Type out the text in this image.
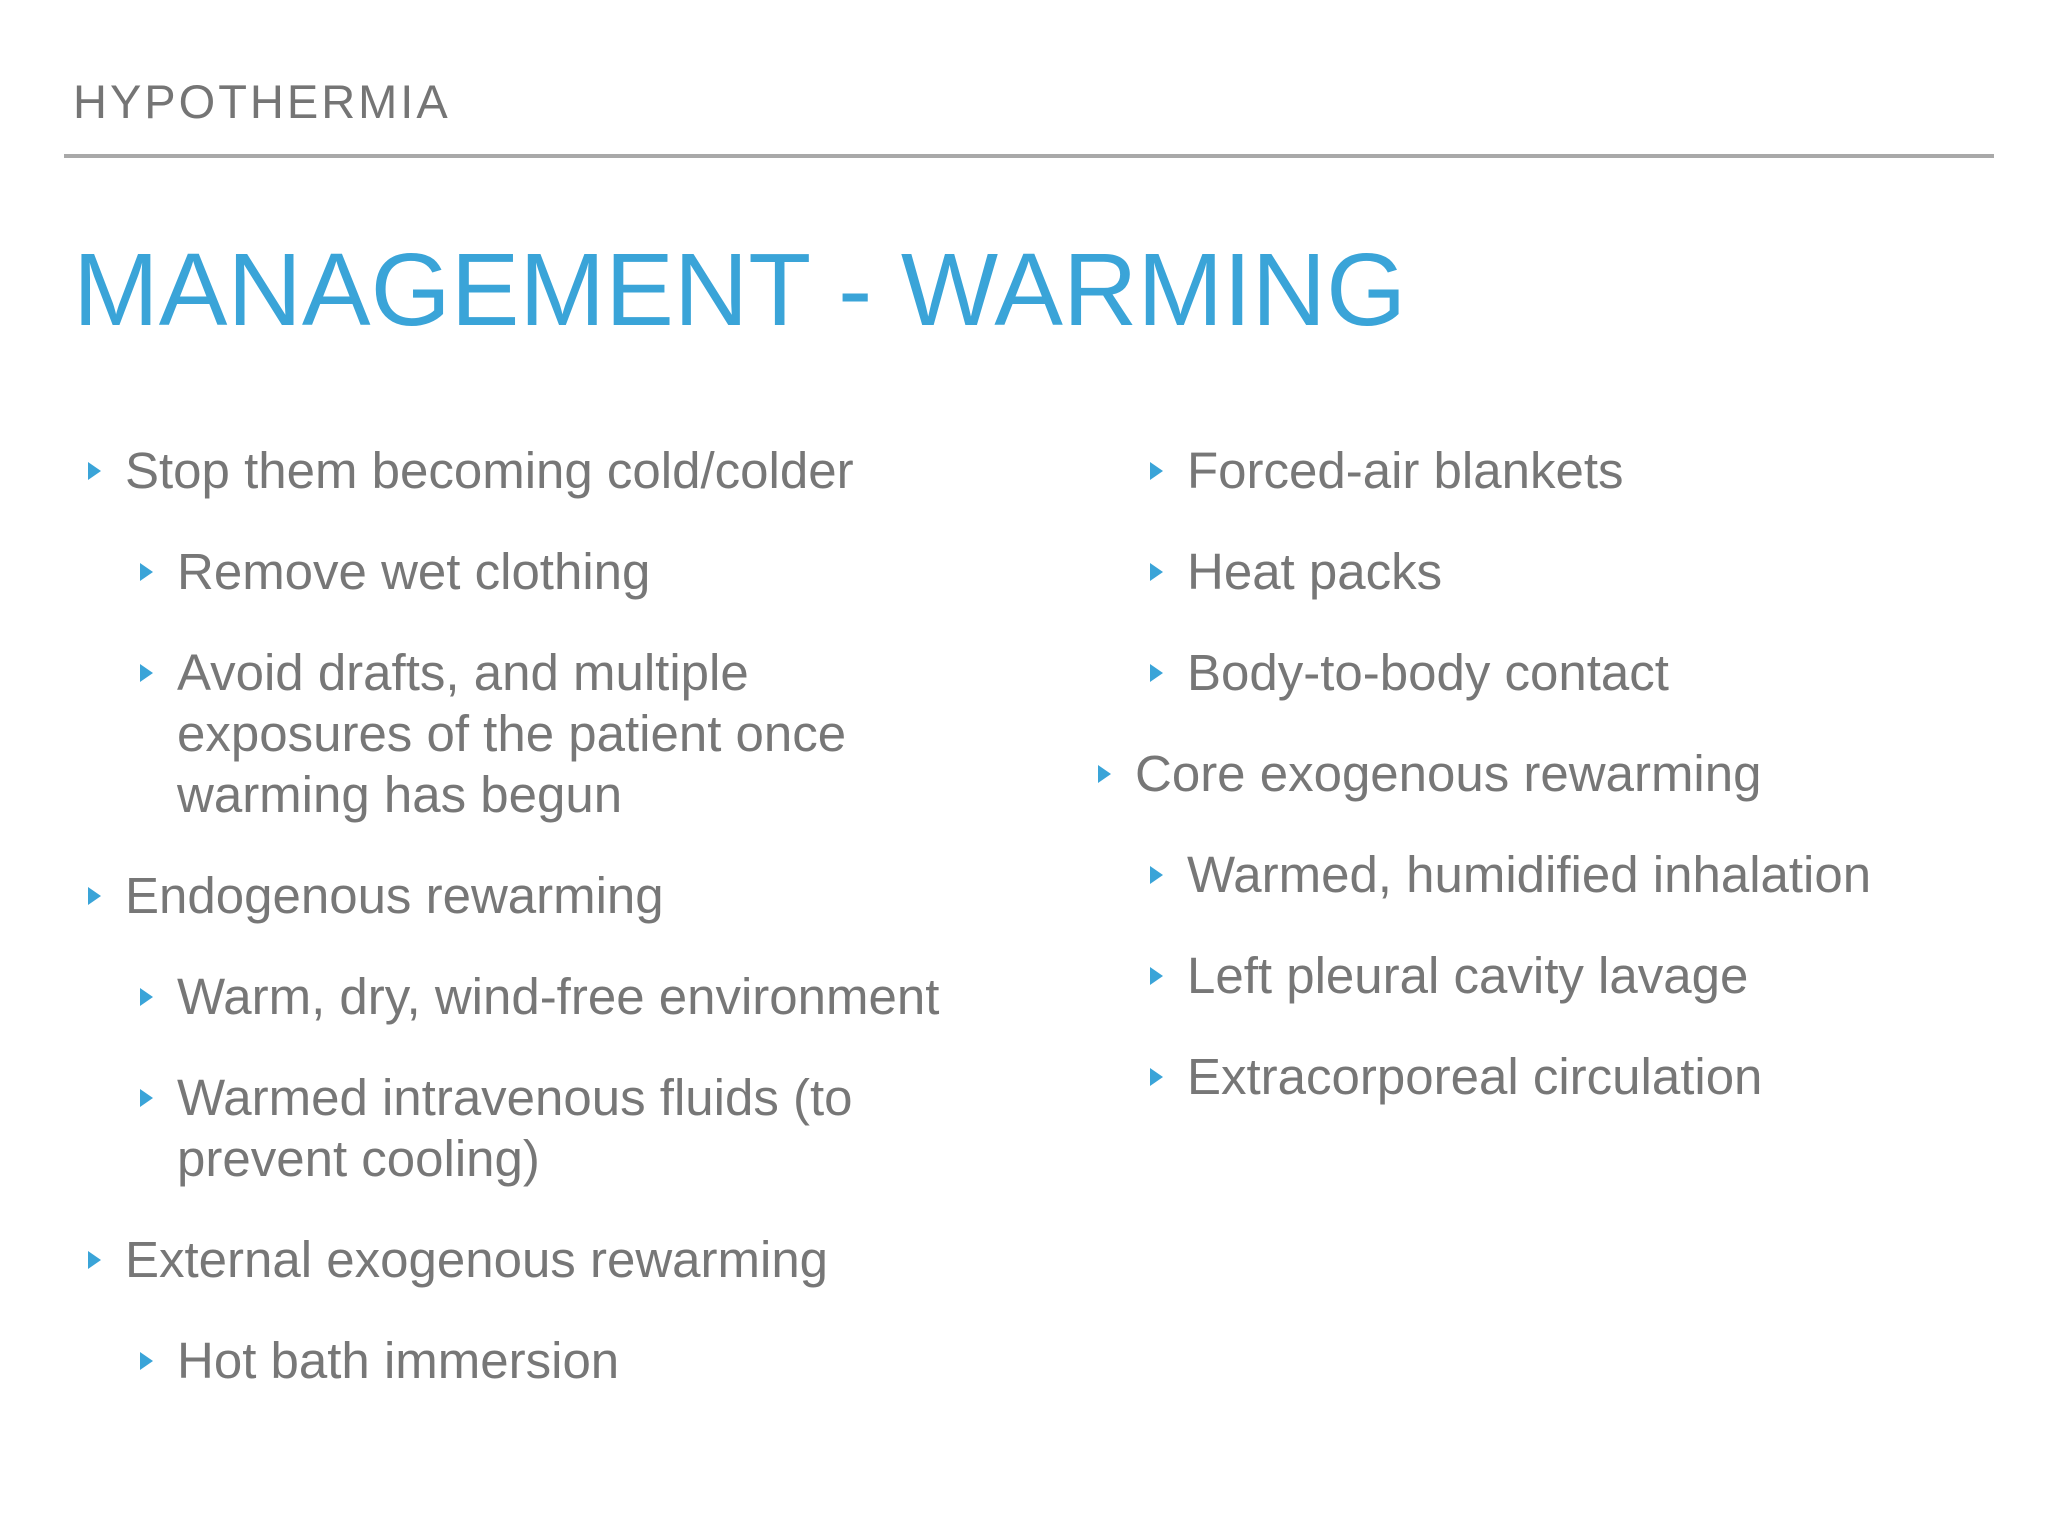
HYPOTHERMIA
MANAGEMENT - WARMING
Stop them becoming cold/colder
Remove wet clothing
Avoid drafts, and multiple exposures of the patient once warming has begun
Endogenous rewarming
Warm, dry, wind-free environment
Warmed intravenous fluids (to prevent cooling)
External exogenous rewarming
Hot bath immersion
Forced-air blankets
Heat packs
Body-to-body contact
Core exogenous rewarming
Warmed, humidified inhalation
Left pleural cavity lavage
Extracorporeal circulation
